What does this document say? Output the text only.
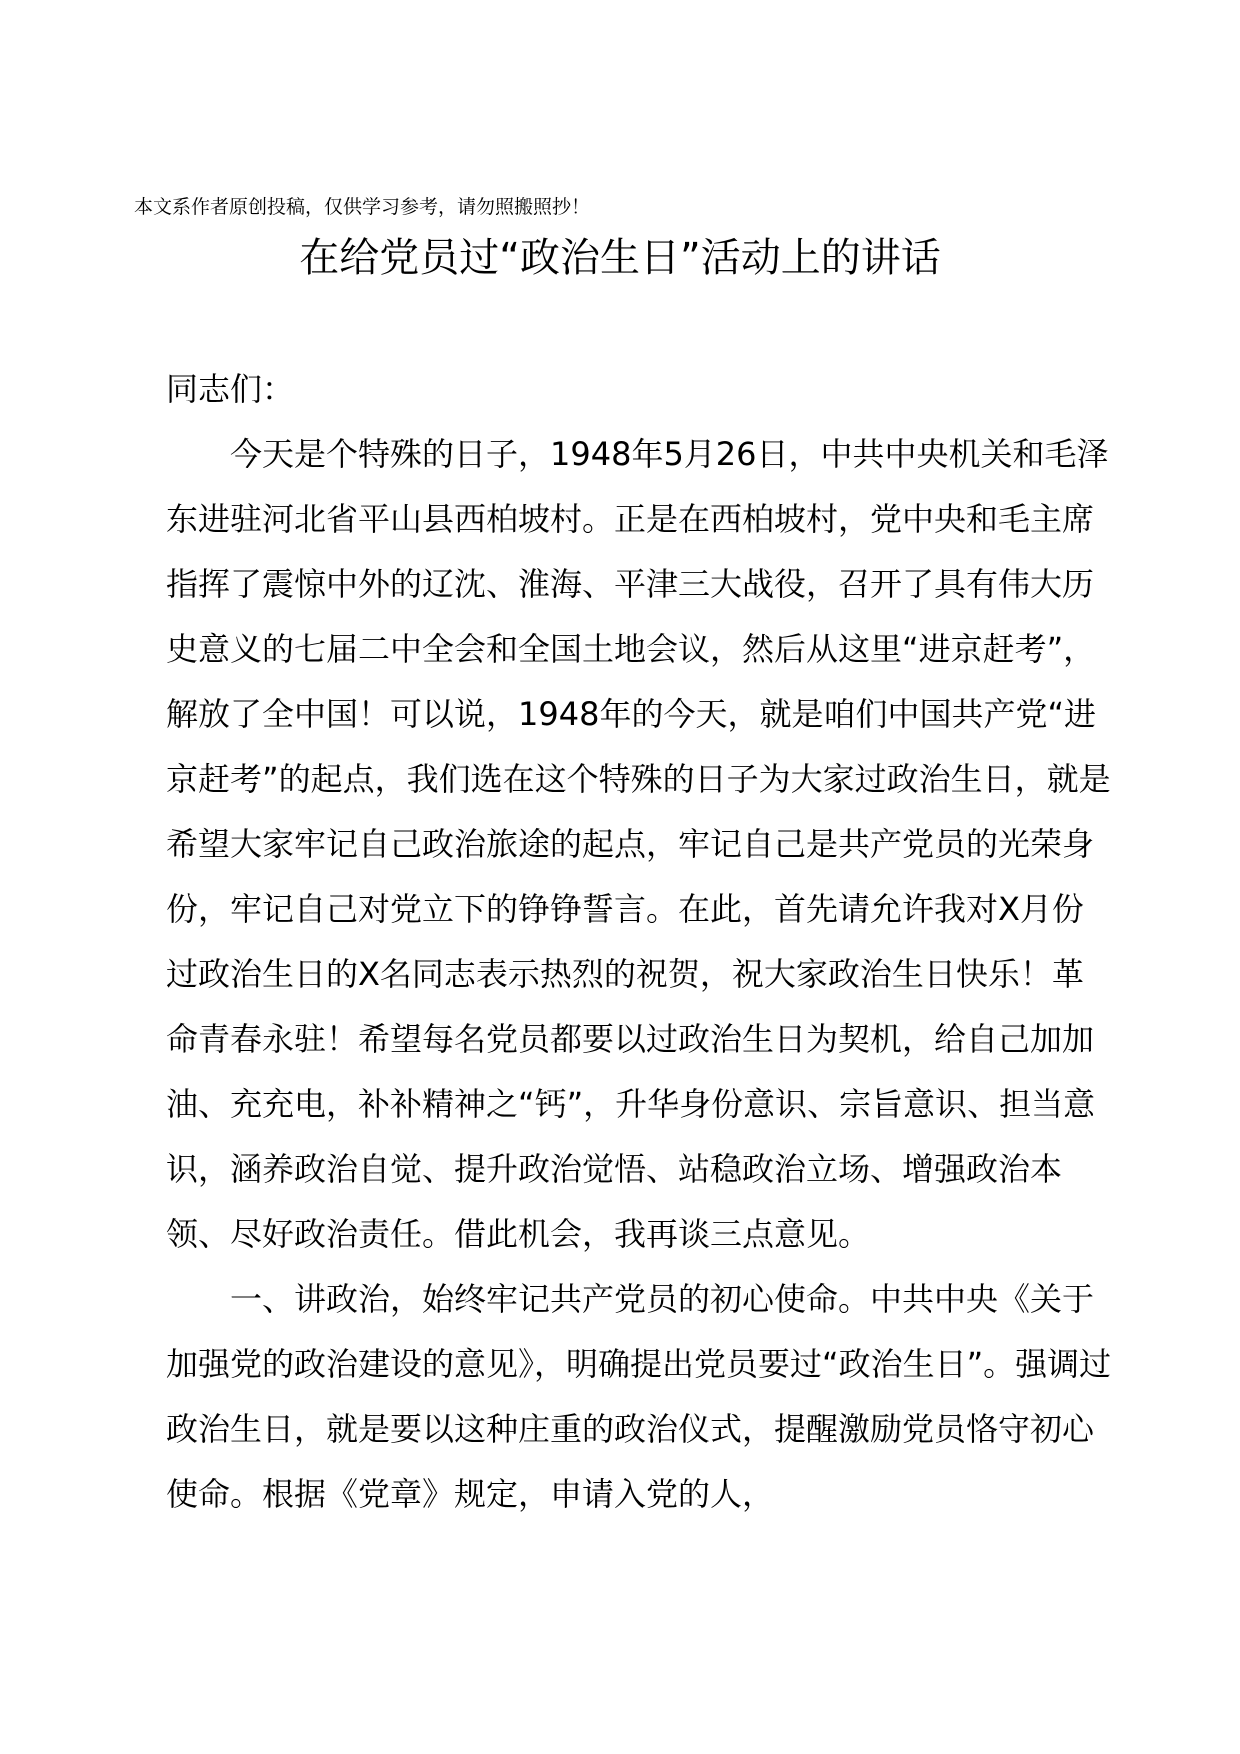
本文系作者原创投稿，仅供学习参考，请勿照搬照抄！
在给党员过“政治生日”活动上的讲话

同志们：

今天是个特殊的日子，1948年5月26日，中共中央机关和毛泽东进驻河北省平山县西柏坡村。正是在西柏坡村，党中央和毛主席指挥了震惊中外的辽沈、淮海、平津三大战役，召开了具有伟大历史意义的七届二中全会和全国土地会议，然后从这里“进京赶考”，解放了全中国！可以说，1948年的今天，就是咱们中国共产党“进京赶考”的起点，我们选在这个特殊的日子为大家过政治生日，就是希望大家牢记自己政治旅途的起点，牢记自己是共产党员的光荣身份，牢记自己对党立下的铮铮誓言。在此，首先请允许我对X月份过政治生日的X名同志表示热烈的祝贺，祝大家政治生日快乐！革命青春永驻！希望每名党员都要以过政治生日为契机，给自己加加油、充充电，补补精神之“钙”，升华身份意识、宗旨意识、担当意识，涵养政治自觉、提升政治觉悟、站稳政治立场、增强政治本领、尽好政治责任。借此机会，我再谈三点意见。

一、讲政治，始终牢记共产党员的初心使命。中共中央《关于加强党的政治建设的意见》，明确提出党员要过“政治生日”。强调过政治生日，就是要以这种庄重的政治仪式，提醒激励党员恪守初心使命。根据《党章》规定，申请入党的人，
